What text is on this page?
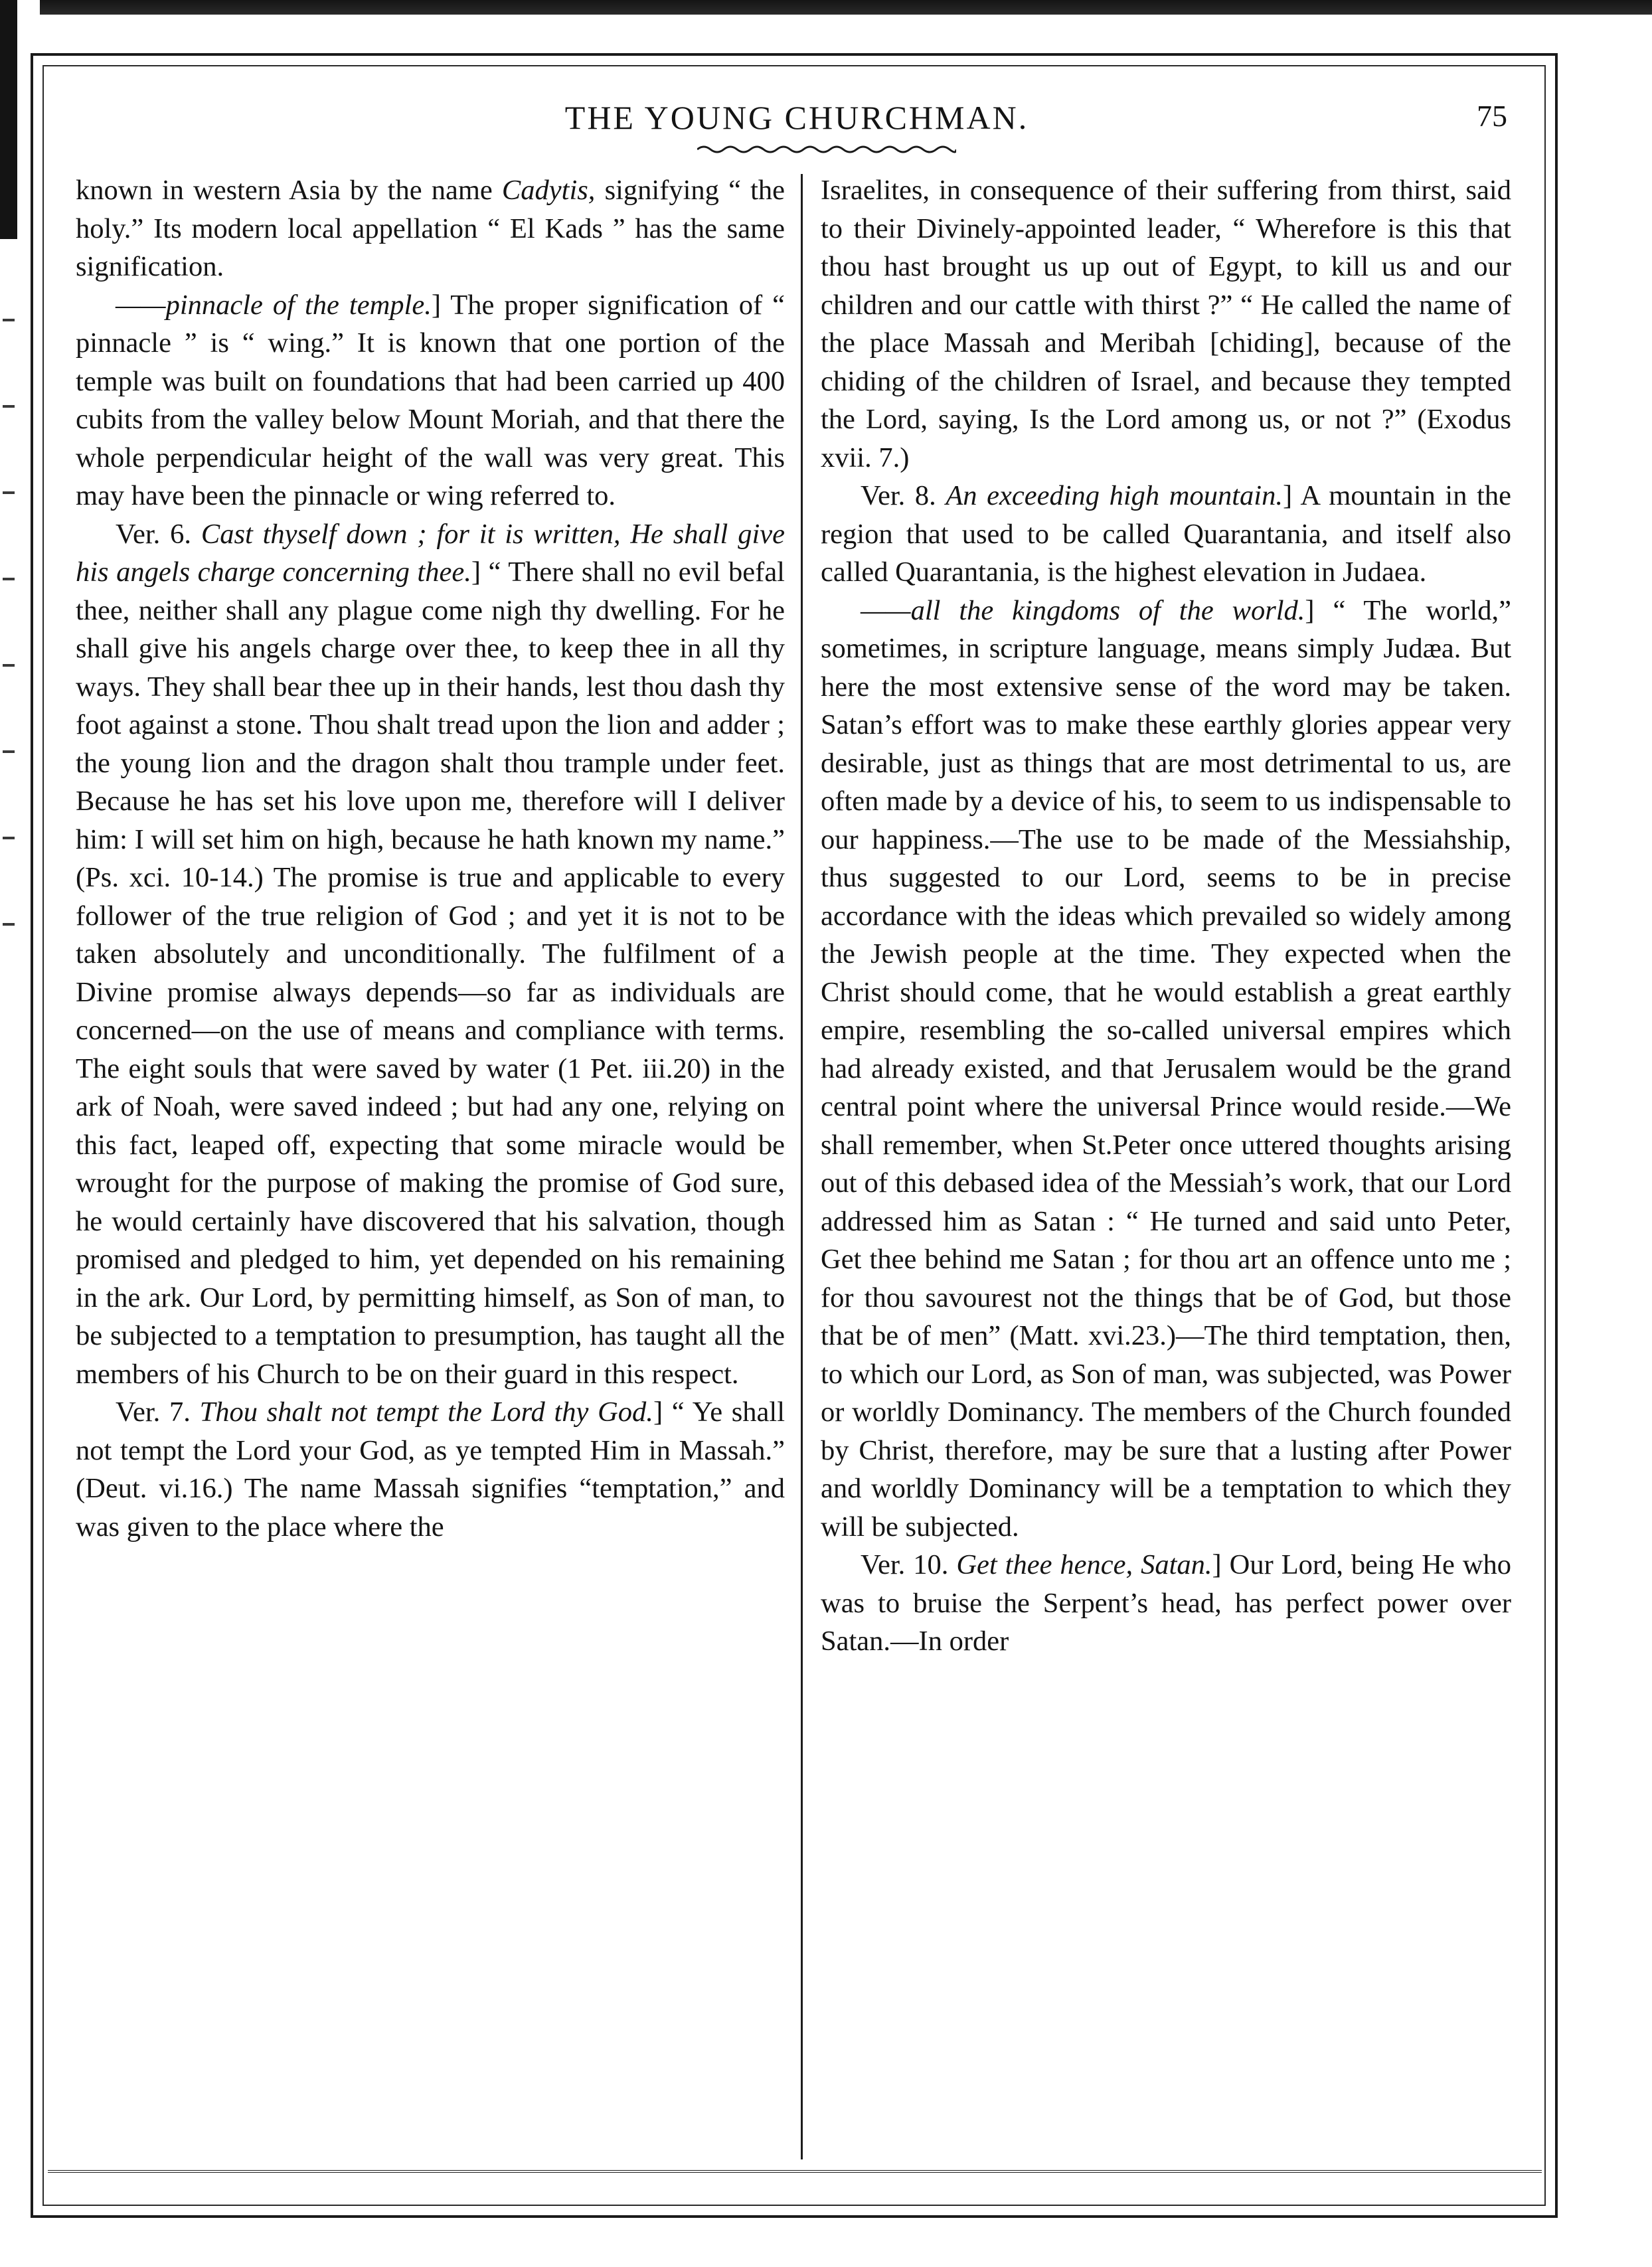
THE YOUNG CHURCHMAN.	75

known in western Asia by the name Cadytis, signifying “ the holy.” Its modern local appellation “ El Kads ” has the same signification.

——pinnacle of the temple.] The proper signification of “ pinnacle ” is “ wing.” It is known that one portion of the temple was built on foundations that had been carried up 400 cubits from the valley below Mount Moriah, and that there the whole perpendicular height of the wall was very great. This may have been the pinnacle or wing referred to.

Ver. 6. Cast thyself down ; for it is written, He shall give his angels charge concerning thee.] “ There shall no evil befal thee, neither shall any plague come nigh thy dwelling. For he shall give his angels charge over thee, to keep thee in all thy ways. They shall bear thee up in their hands, lest thou dash thy foot against a stone. Thou shalt tread upon the lion and adder ; the young lion and the dragon shalt thou trample under feet. Because he has set his love upon me, therefore will I deliver him: I will set him on high, because he hath known my name.” (Ps. xci. 10-14.) The promise is true and applicable to every follower of the true religion of God ; and yet it is not to be taken absolutely and unconditionally. The fulfilment of a Divine promise always depends—so far as individuals are concerned—on the use of means and compliance with terms. The eight souls that were saved by water (1 Pet. iii.20) in the ark of Noah, were saved indeed ; but had any one, relying on this fact, leaped off, expecting that some miracle would be wrought for the purpose of making the promise of God sure, he would certainly have discovered that his salvation, though promised and pledged to him, yet depended on his remaining in the ark. Our Lord, by permitting himself, as Son of man, to be subjected to a temptation to presumption, has taught all the members of his Church to be on their guard in this respect.

Ver. 7. Thou shalt not tempt the Lord thy God.] “ Ye shall not tempt the Lord your God, as ye tempted Him in Massah.” (Deut. vi.16.) The name Massah signifies “temptation,” and was given to the place where the

Israelites, in consequence of their suffering from thirst, said to their Divinely-appointed leader, “ Wherefore is this that thou hast brought us up out of Egypt, to kill us and our children and our cattle with thirst ?” “ He called the name of the place Massah and Meribah [chiding], because of the chiding of the children of Israel, and because they tempted the Lord, saying, Is the Lord among us, or not ?” (Exodus xvii. 7.)

Ver. 8. An exceeding high mountain.] A mountain in the region that used to be called Quarantania, and itself also called Quarantania, is the highest elevation in Judaea.

——all the kingdoms of the world.] “ The world,” sometimes, in scripture language, means simply Judæa. But here the most extensive sense of the word may be taken. Satan’s effort was to make these earthly glories appear very desirable, just as things that are most detrimental to us, are often made by a device of his, to seem to us indispensable to our happiness.—The use to be made of the Messiahship, thus suggested to our Lord, seems to be in precise accordance with the ideas which prevailed so widely among the Jewish people at the time. They expected when the Christ should come, that he would establish a great earthly empire, resembling the so-called universal empires which had already existed, and that Jerusalem would be the grand central point where the universal Prince would reside.—We shall remember, when St.Peter once uttered thoughts arising out of this debased idea of the Messiah’s work, that our Lord addressed him as Satan : “ He turned and said unto Peter, Get thee behind me Satan ; for thou art an offence unto me ; for thou savourest not the things that be of God, but those that be of men” (Matt. xvi.23.)—The third temptation, then, to which our Lord, as Son of man, was subjected, was Power or worldly Dominancy. The members of the Church founded by Christ, therefore, may be sure that a lusting after Power and worldly Dominancy will be a temptation to which they will be subjected.

Ver. 10. Get thee hence, Satan.] Our Lord, being He who was to bruise the Serpent’s head, has perfect power over Satan.—In order
